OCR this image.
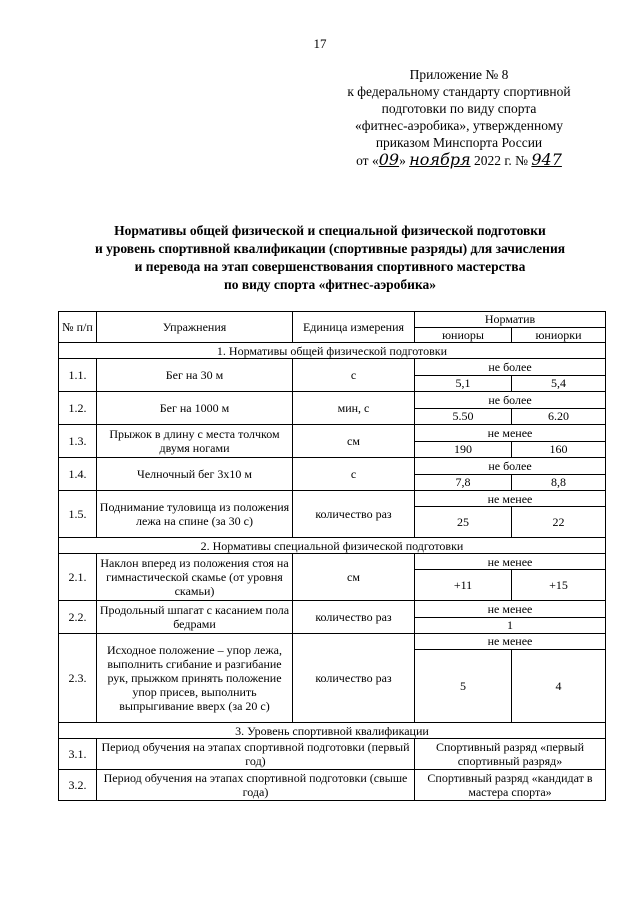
17
Приложение № 8
к федеральному стандарту спортивной
подготовки по виду спорта
«фитнес-аэробика», утвержденному
приказом Минспорта России
от «09» ноября 2022 г. № 947
Нормативы общей физической и специальной физической подготовки
и уровень спортивной квалификации (спортивные разряды) для зачисления
и перевода на этап совершенствования спортивного мастерства
по виду спорта «фитнес-аэробика»
№ п/п	Упражнения	Единица измерения	Норматив	
			юниоры	юниорки
1. Нормативы общей физической подготовки				
1.1.	Бег на 30 м	с	не более	
			5,1	5,4
1.2.	Бег на 1000 м	мин, с	не более	
			5.50	6.20
1.3.	Прыжок в длину с места толчком двумя ногами	см	не менее	
			190	160
1.4.	Челночный бег 3х10 м	с	не более	
			7,8	8,8
1.5.	Поднимание туловища из положения лежа на спине (за 30 с)	количество раз	не менее	
			25	22
2. Нормативы специальной физической подготовки				
2.1.	Наклон вперед из положения стоя на гимнастической скамье (от уровня скамьи)	см	не менее	
			+11	+15
2.2.	Продольный шпагат с касанием пола бедрами	количество раз	не менее	
			1	
2.3.	Исходное положение – упор лежа, выполнить сгибание и разгибание рук, прыжком принять положение упор присев, выполнить выпрыгивание вверх (за 20 с)	количество раз	не менее	
			5	4
3. Уровень спортивной квалификации				
3.1.	Период обучения на этапах спортивной подготовки (первый год)		Спортивный разряд «первый спортивный разряд»	
3.2.	Период обучения на этапах спортивной подготовки (свыше года)		Спортивный разряд «кандидат в мастера спорта»	
